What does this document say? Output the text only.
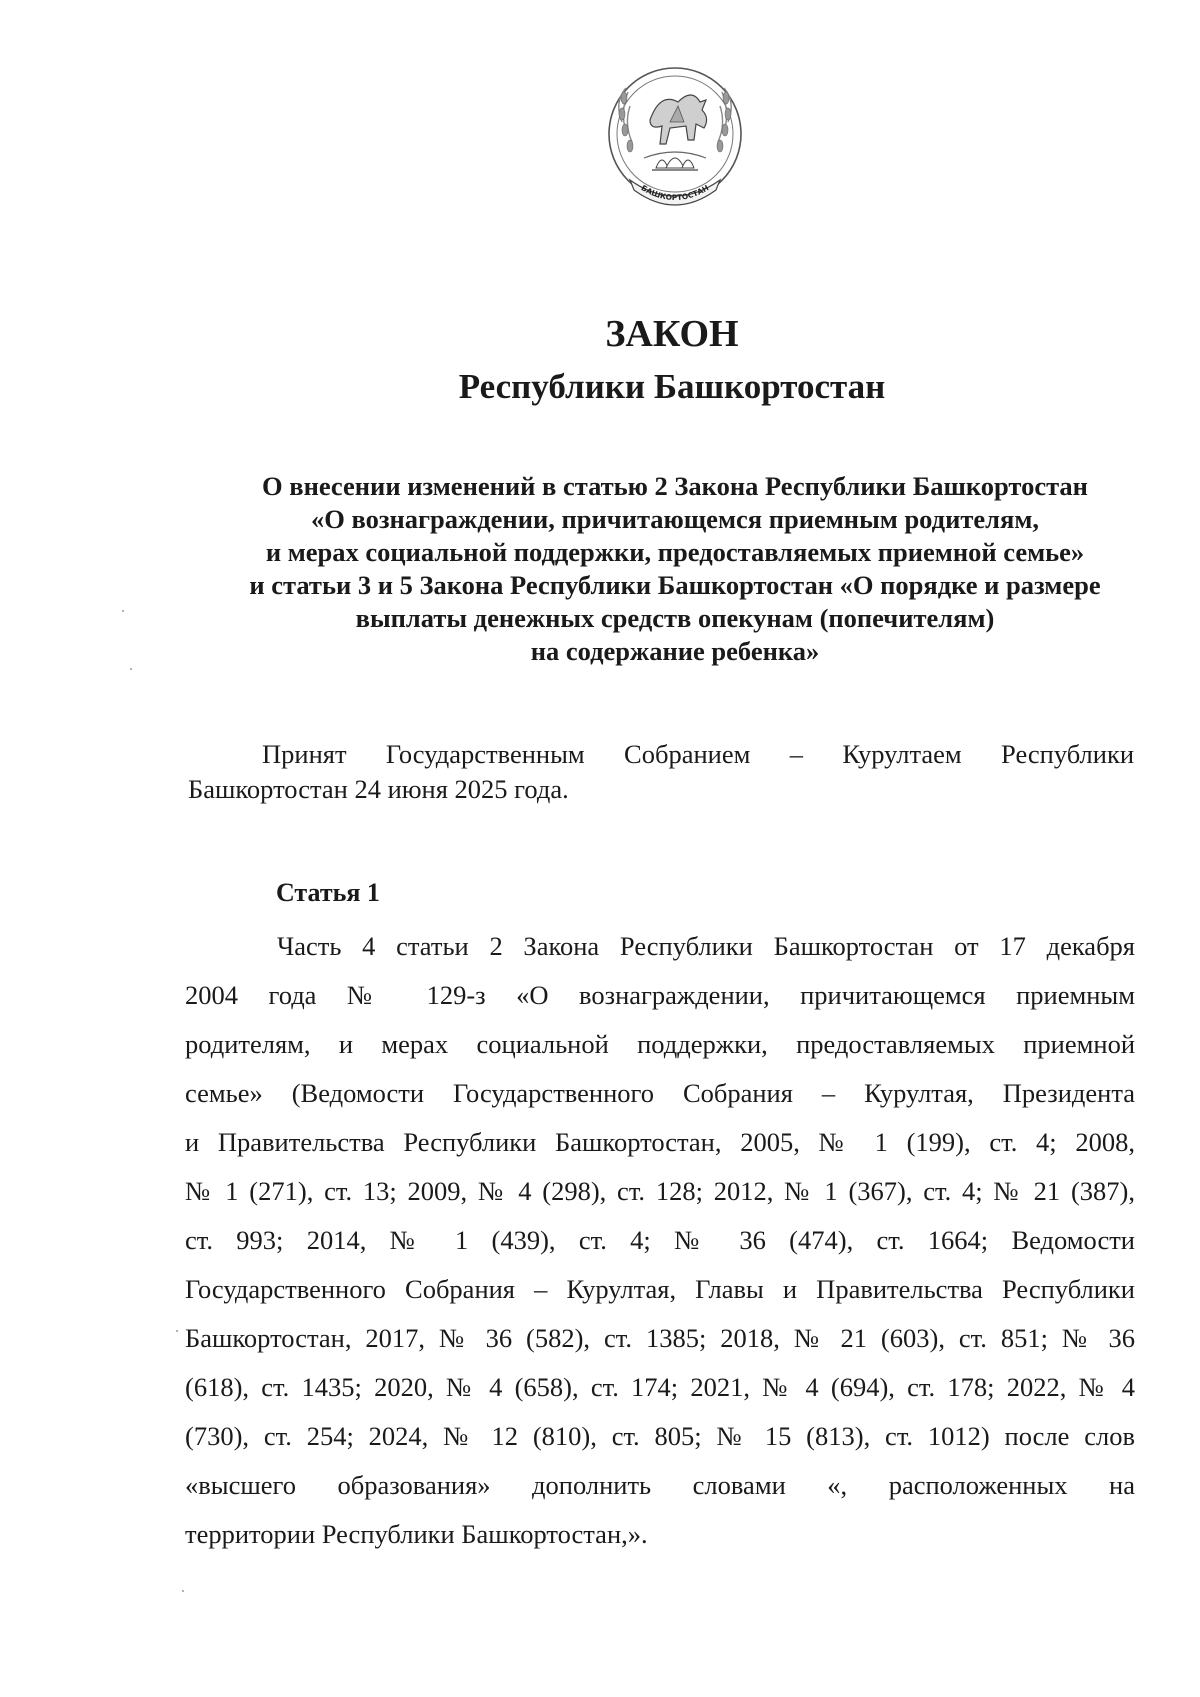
БАШКОРТОСТАН
ЗАКОН
Республики Башкортостан
О внесении изменений в статью 2 Закона Республики Башкортостан
«О вознаграждении, причитающемся приемным родителям,
и мерах социальной поддержки, предоставляемых приемной семье»
и статьи 3 и 5 Закона Республики Башкортостан «О порядке и размере
выплаты денежных средств опекунам (попечителям)
на содержание ребенка»
Принят Государственным Собранием – Курултаем Республики
Башкортостан 24 июня 2025 года.
Статья 1
Часть 4 статьи 2 Закона Республики Башкортостан от 17 декабря
2004 года № 129-з «О вознаграждении, причитающемся приемным
родителям, и мерах социальной поддержки, предоставляемых приемной
семье» (Ведомости Государственного Собрания – Курултая, Президента
и Правительства Республики Башкортостан, 2005, № 1 (199), ст. 4; 2008,
№ 1 (271), ст. 13; 2009, № 4 (298), ст. 128; 2012, № 1 (367), ст. 4; № 21 (387),
ст. 993; 2014, № 1 (439), ст. 4; № 36 (474), ст. 1664; Ведомости
Государственного Собрания – Курултая, Главы и Правительства Республики
Башкортостан, 2017, № 36 (582), ст. 1385; 2018, № 21 (603), ст. 851; № 36
(618), ст. 1435; 2020, № 4 (658), ст. 174; 2021, № 4 (694), ст. 178; 2022, № 4
(730), ст. 254; 2024, № 12 (810), ст. 805; № 15 (813), ст. 1012) после слов
«высшего образования» дополнить словами «, расположенных на
территории Республики Башкортостан,».
